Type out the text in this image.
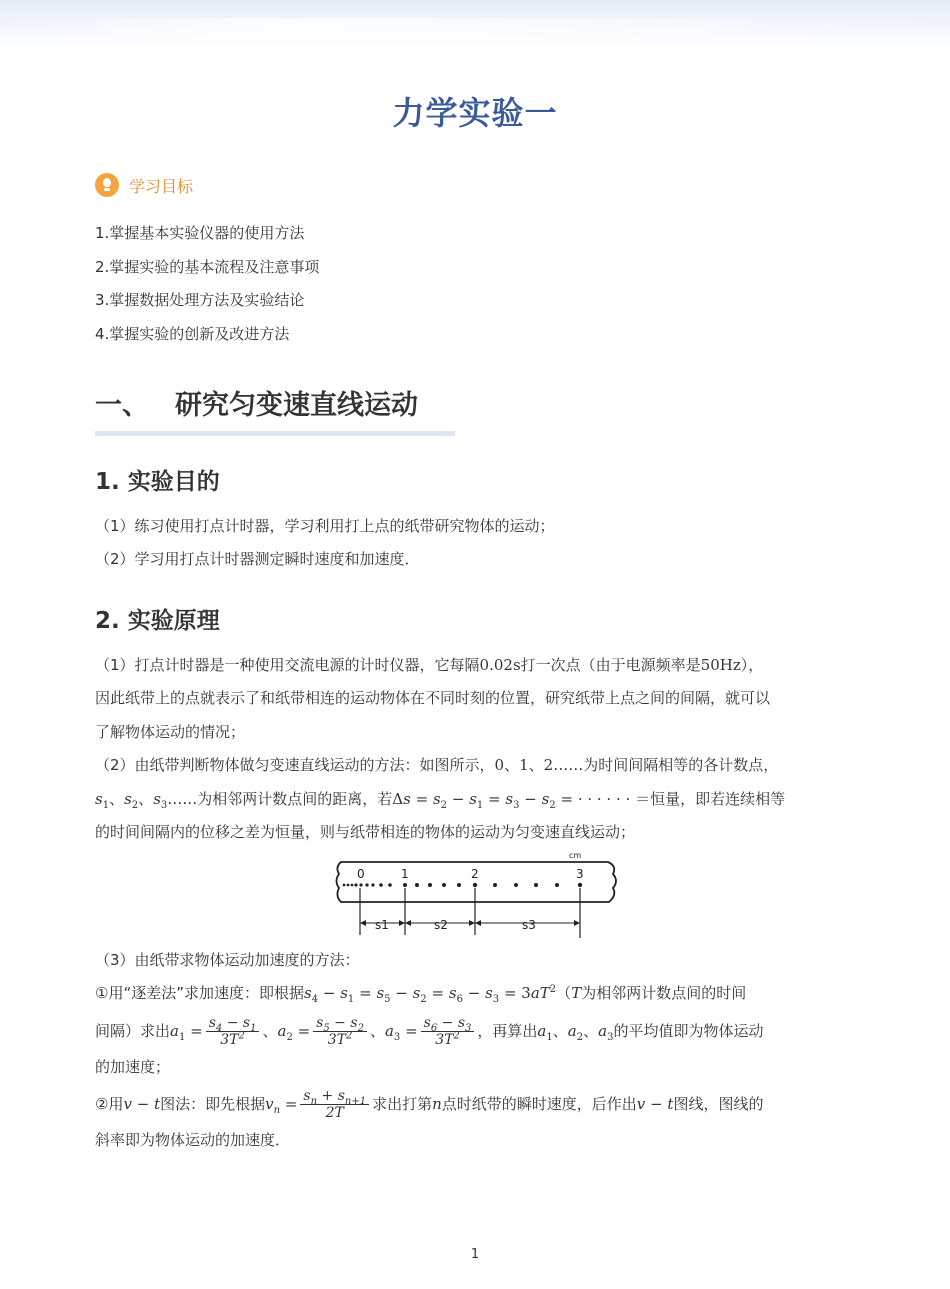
力学实验一
学习目标
1.掌握基本实验仪器的使用方法
2.掌握实验的基本流程及注意事项
3.掌握数据处理方法及实验结论
4.掌握实验的创新及改进方法
一、 研究匀变速直线运动
1. 实验目的

（1）练习使用打点计时器，学习利用打上点的纸带研究物体的运动；

（2）学习用打点计时器测定瞬时速度和加速度．

2. 实验原理

（1）打点计时器是一种使用交流电源的计时仪器，它每隔0.02s打一次点（由于电源频率是50Hz），

因此纸带上的点就表示了和纸带相连的运动物体在不同时刻的位置，研究纸带上点之间的间隔，就可以

了解物体运动的情况；

（2）由纸带判断物体做匀变速直线运动的方法：如图所示，0、1、2……为时间间隔相等的各计数点，

$s_1$、$s_2$、$s_3\dots\dots$为相邻两计数点间的距离，若$\Delta s = s_2 - s_1 = s_3 - s_2$ = · · · · · · ＝恒量，即若连续相等

的时间间隔内的位移之差为恒量，则与纸带相连的物体的运动为匀变速直线运动；

cm
0	1	2	3
s1	s2	s3

（3）由纸带求物体运动加速度的方法：

①用“逐差法”求加速度：即根据$s_4 - s_1 = s_5 - s_2 = s_6 - s_3 = 3aT^2(T$为相邻两计数点间的时间

间隔）求出$a_1 = \frac{s_4 - s_1}{3T^2}$ 、$a_2 = \frac{s_5 - s_2}{3T^2}$ 、$a_3 = \frac{s_6 - s_3}{3T^2}$ ，再算出$a_1$、$a_2$、$a_3$的平均值即为物体运动

的加速度；

②用v − t图法：即先根据$v_n = \frac{s_n + s_{n+1}}{2T}$ 求出打第n点时纸带的瞬时速度，后作出v − t图线，图线的

斜率即为物体运动的加速度．

1
